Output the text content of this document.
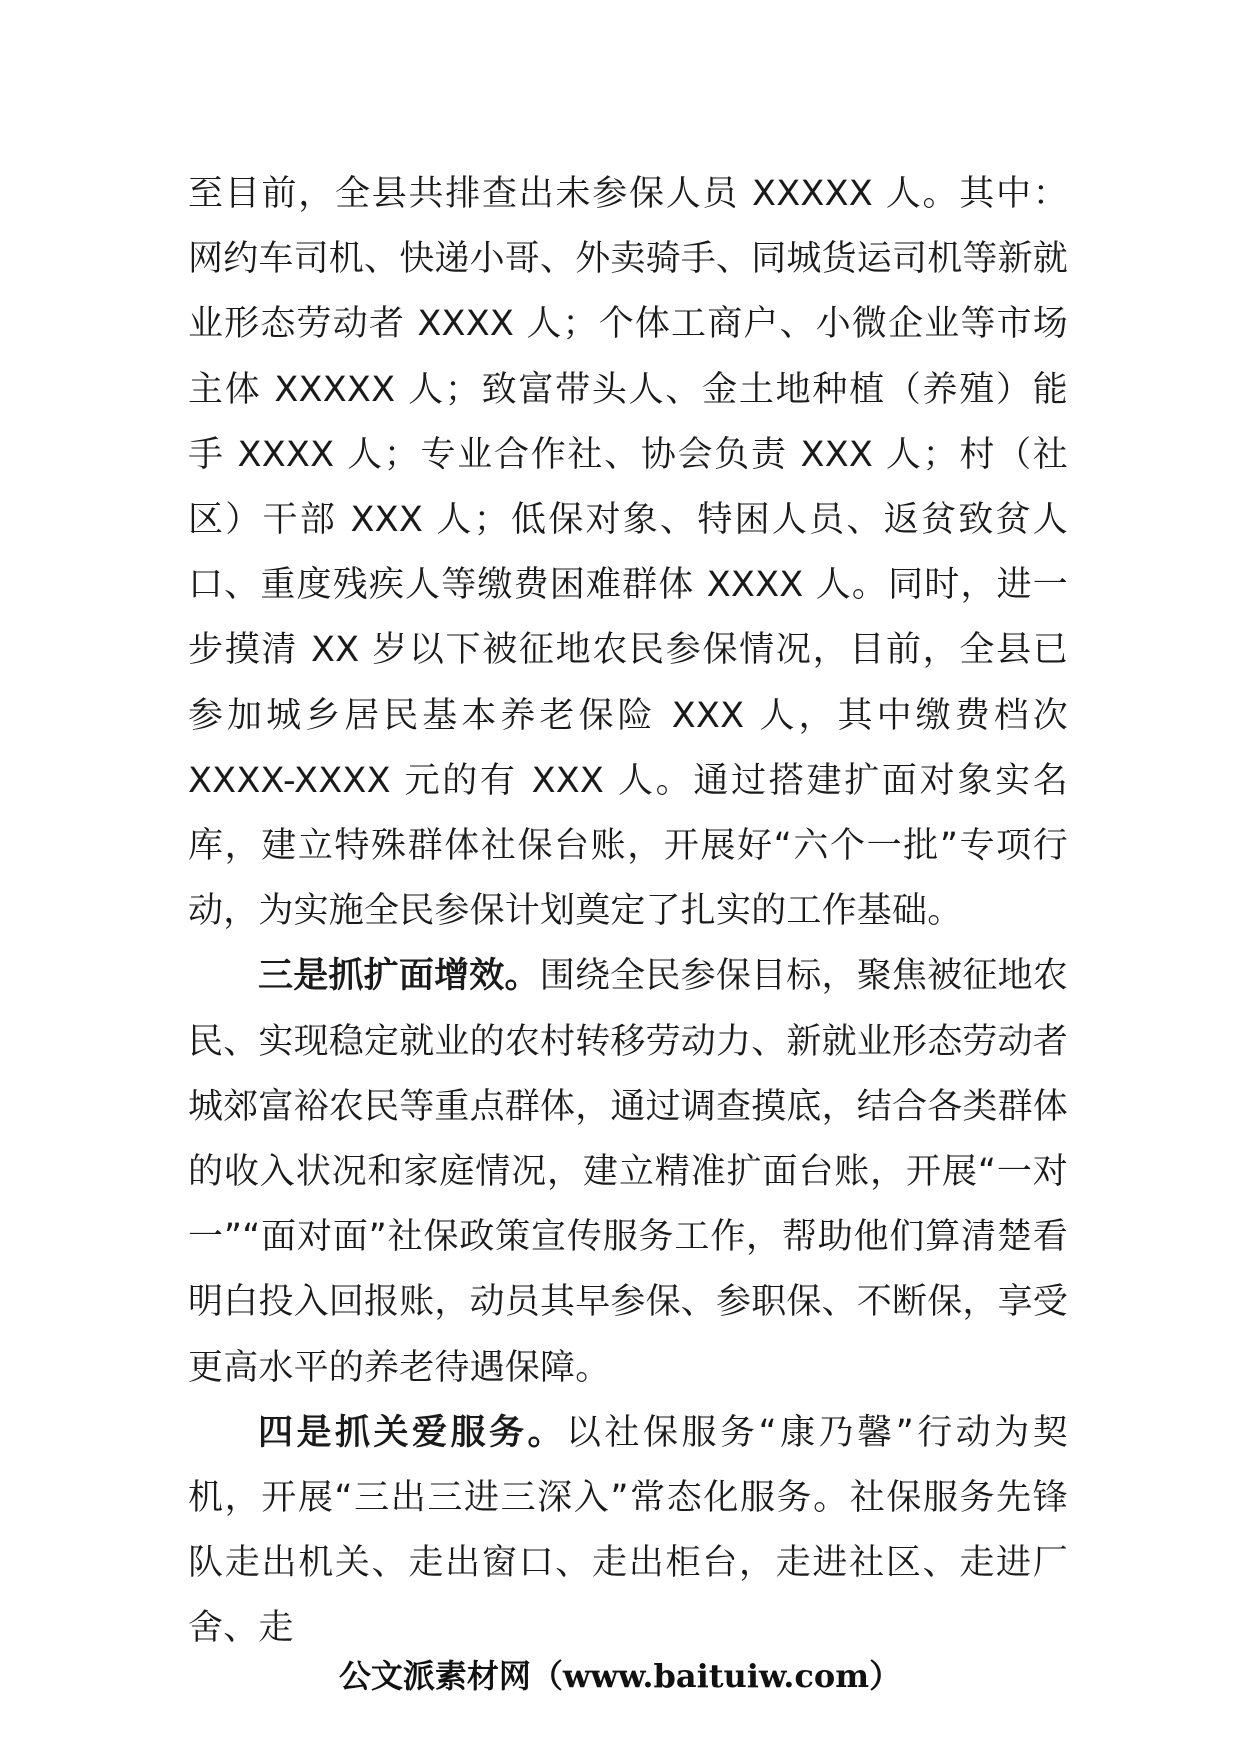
至目前，全县共排查出未参保人员 XXXXX 人。其中：网约车司机、快递小哥、外卖骑手、同城货运司机等新就业形态劳动者 XXXX 人；个体工商户、小微企业等市场主体 XXXXX 人；致富带头人、金土地种植（养殖）能手 XXXX 人；专业合作社、协会负责 XXX 人；村（社区）干部 XXX 人；低保对象、特困人员、返贫致贫人口、重度残疾人等缴费困难群体 XXXX 人。同时，进一步摸清 XX 岁以下被征地农民参保情况，目前，全县已参加城乡居民基本养老保险 XXX 人，其中缴费档次 XXXX-XXXX 元的有 XXX 人。通过搭建扩面对象实名库，建立特殊群体社保台账，开展好“六个一批”专项行动，为实施全民参保计划奠定了扎实的工作基础。

三是抓扩面增效。围绕全民参保目标，聚焦被征地农民、实现稳定就业的农村转移劳动力、新就业形态劳动者城郊富裕农民等重点群体，通过调查摸底，结合各类群体的收入状况和家庭情况，建立精准扩面台账，开展“一对一”“面对面”社保政策宣传服务工作，帮助他们算清楚看明白投入回报账，动员其早参保、参职保、不断保，享受更高水平的养老待遇保障。

四是抓关爱服务。以社保服务“康乃馨”行动为契机，开展“三出三进三深入”常态化服务。社保服务先锋队走出机关、走出窗口、走出柜台，走进社区、走进厂舍、走

公文派素材网（www.baituiw.com）
